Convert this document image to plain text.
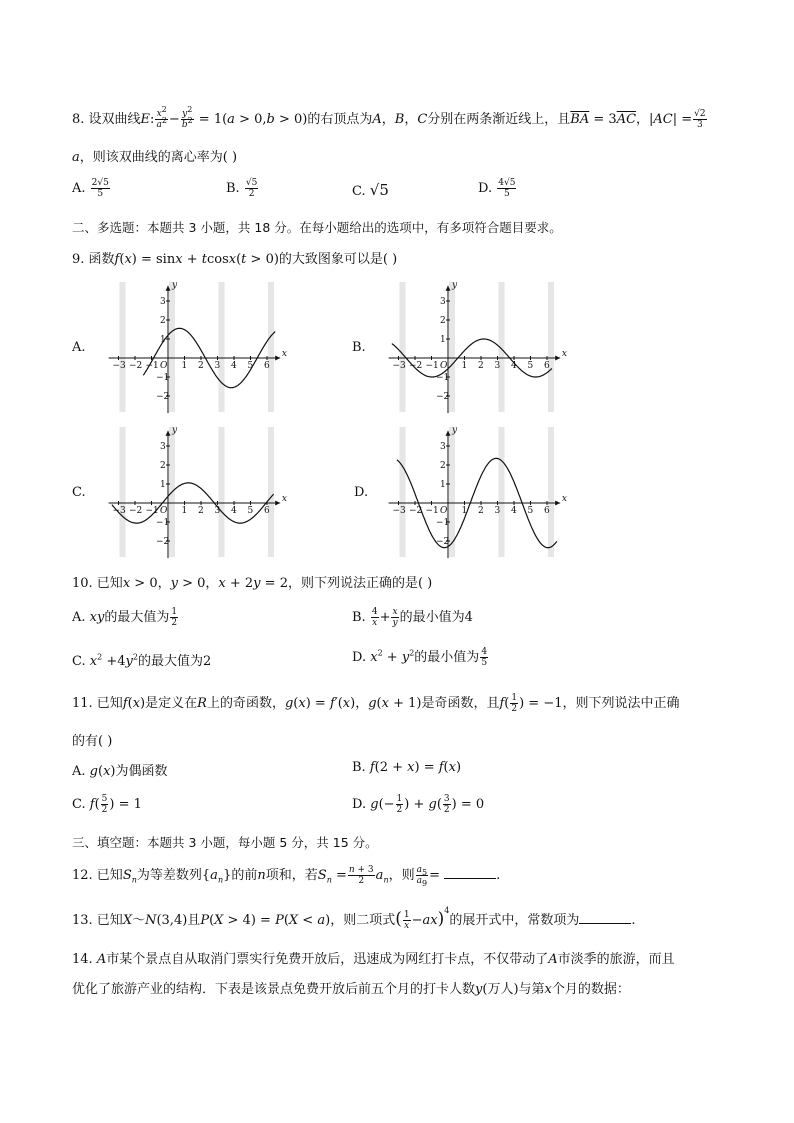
8. 设双曲线E: $\frac{x^2}{a^2} - \frac{y^2}{b^2} = 1(a > 0,b > 0)$的右顶点为A，B，C分别在两条渐近线上，且$\overline{BA} = 3\overline{AC}$，$|AC| = \frac{√2}{3}$
a，则该双曲线的离心率为( )
A. $\frac{2√5}{5}$	B. $\frac{√5}{2}$	C. √5	D. $\frac{4√5}{5}$
二、多选题：本题共 3 小题，共 18 分。在每小题给出的选项中，有多项符合题目要求。
9. 函数f(x) = sinx + tcosx(t > 0)的大致图象可以是( )
A.	B.
C.	D.
x
y
−3 −2 −1 O 1 2 3 4 5 6
3
2
1
−1
−2
x
y
−3 −2 −1 O 1 2 3 4 5 6
3
2
1
−1
−2
x
y
−3 −2 −1 O 1 2 3 4 5 6
3
2
1
−1
−2
x
y
−3 −2 −1 O 1 2 3 4 5 6
3
2
1
−1
−2
10. 已知x > 0，y > 0，x + 2y = 2，则下列说法正确的是( )
A. xy的最大值为 $\frac{1}{2}$	B. $\frac{4}{x} + \frac{x}{y}$ 的最小值为4
C. $x^2 +4y^2$的最大值为2	D. $x^2 + y^2$的最小值为 $\frac{4}{5}$
11. 已知f(x)是定义在R上的奇函数，g(x) = f′(x)，g(x + 1)是奇函数，且$f( \frac{1}{2}$ ) = −1，则下列说法中正确
的有( )
A. g(x)为偶函数	B. f(2 + x) = f(x)
C. $f( \frac{5}{2}$ ) = 1	D. $g(- \frac{1}{2}$ ) + $g( \frac{3}{2}$ ) = 0
三、填空题：本题共 3 小题，每小题 5 分，共 15 分。
12. 已知$S_n$为等差数列$\{a_n\}$的前n项和，若$S_n = \frac{n + 3}{2} a_n$，则 $\frac{a_5}{a_9}$ =	.
13. 已知X～N(3,4)且P(X > 4) = P(X < a)，则二项式( $\frac{1}{x} -ax)^4$的展开式中，常数项为	.
14. A市某个景点自从取消门票实行免费开放后，迅速成为网红打卡点，不仅带动了A市淡季的旅游，而且
优化了旅游产业的结构．下表是该景点免费开放后前五个月的打卡人数y(万人)与第x个月的数据：
